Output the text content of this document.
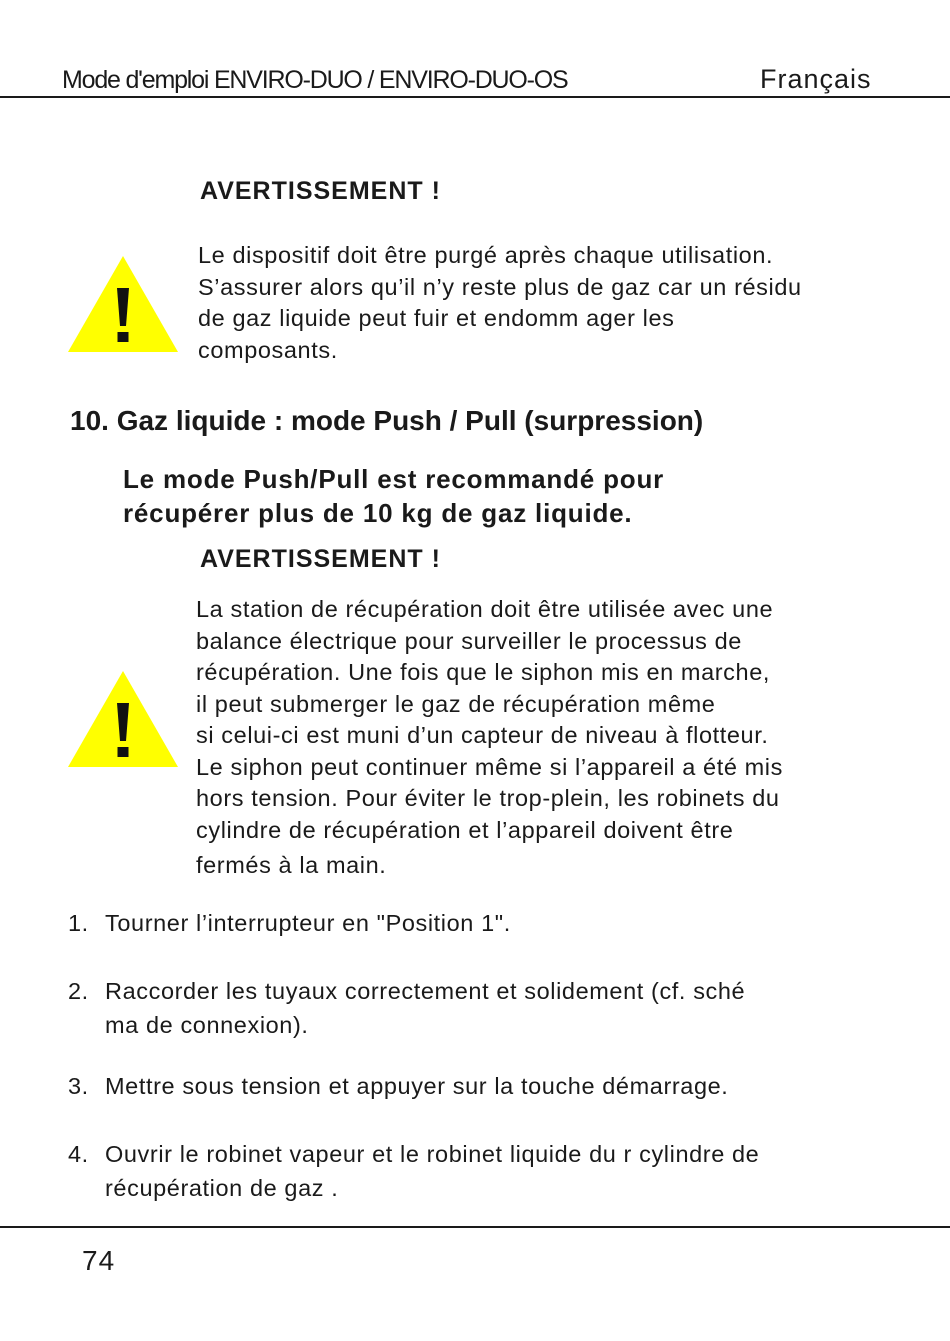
Mode d'emploi ENVIRO-DUO / ENVIRO-DUO-OS	Français
AVERTISSEMENT !
Le dispositif doit être purgé après chaque utilisation.
S’assurer alors qu’il n’y reste plus de gaz car un résidu
de gaz liquide peut fuir et endomm ager les
composants.
10. Gaz liquide : mode Push / Pull (surpression)
Le mode Push/Pull est recommandé pour
récupérer plus de 10 kg de gaz liquide.
AVERTISSEMENT !
La station de récupération doit être utilisée avec une
balance électrique pour surveiller le processus de
récupération. Une fois que le siphon mis en marche,
il peut submerger le gaz de récupération même
si celui-ci est muni d’un capteur de niveau à flotteur.
Le siphon peut continuer même si l’appareil a été mis
hors tension. Pour éviter le trop-plein, les robinets du
cylindre de récupération et l’appareil doivent être
fermés à la main.
1. Tourner l’interrupteur en "Position 1".
2. Raccorder les tuyaux correctement et solidement (cf. sché
ma de connexion).
3. Mettre sous tension et appuyer sur la touche démarrage.
4. Ouvrir le robinet vapeur et le robinet liquide du r cylindre de
récupération de gaz .
74
